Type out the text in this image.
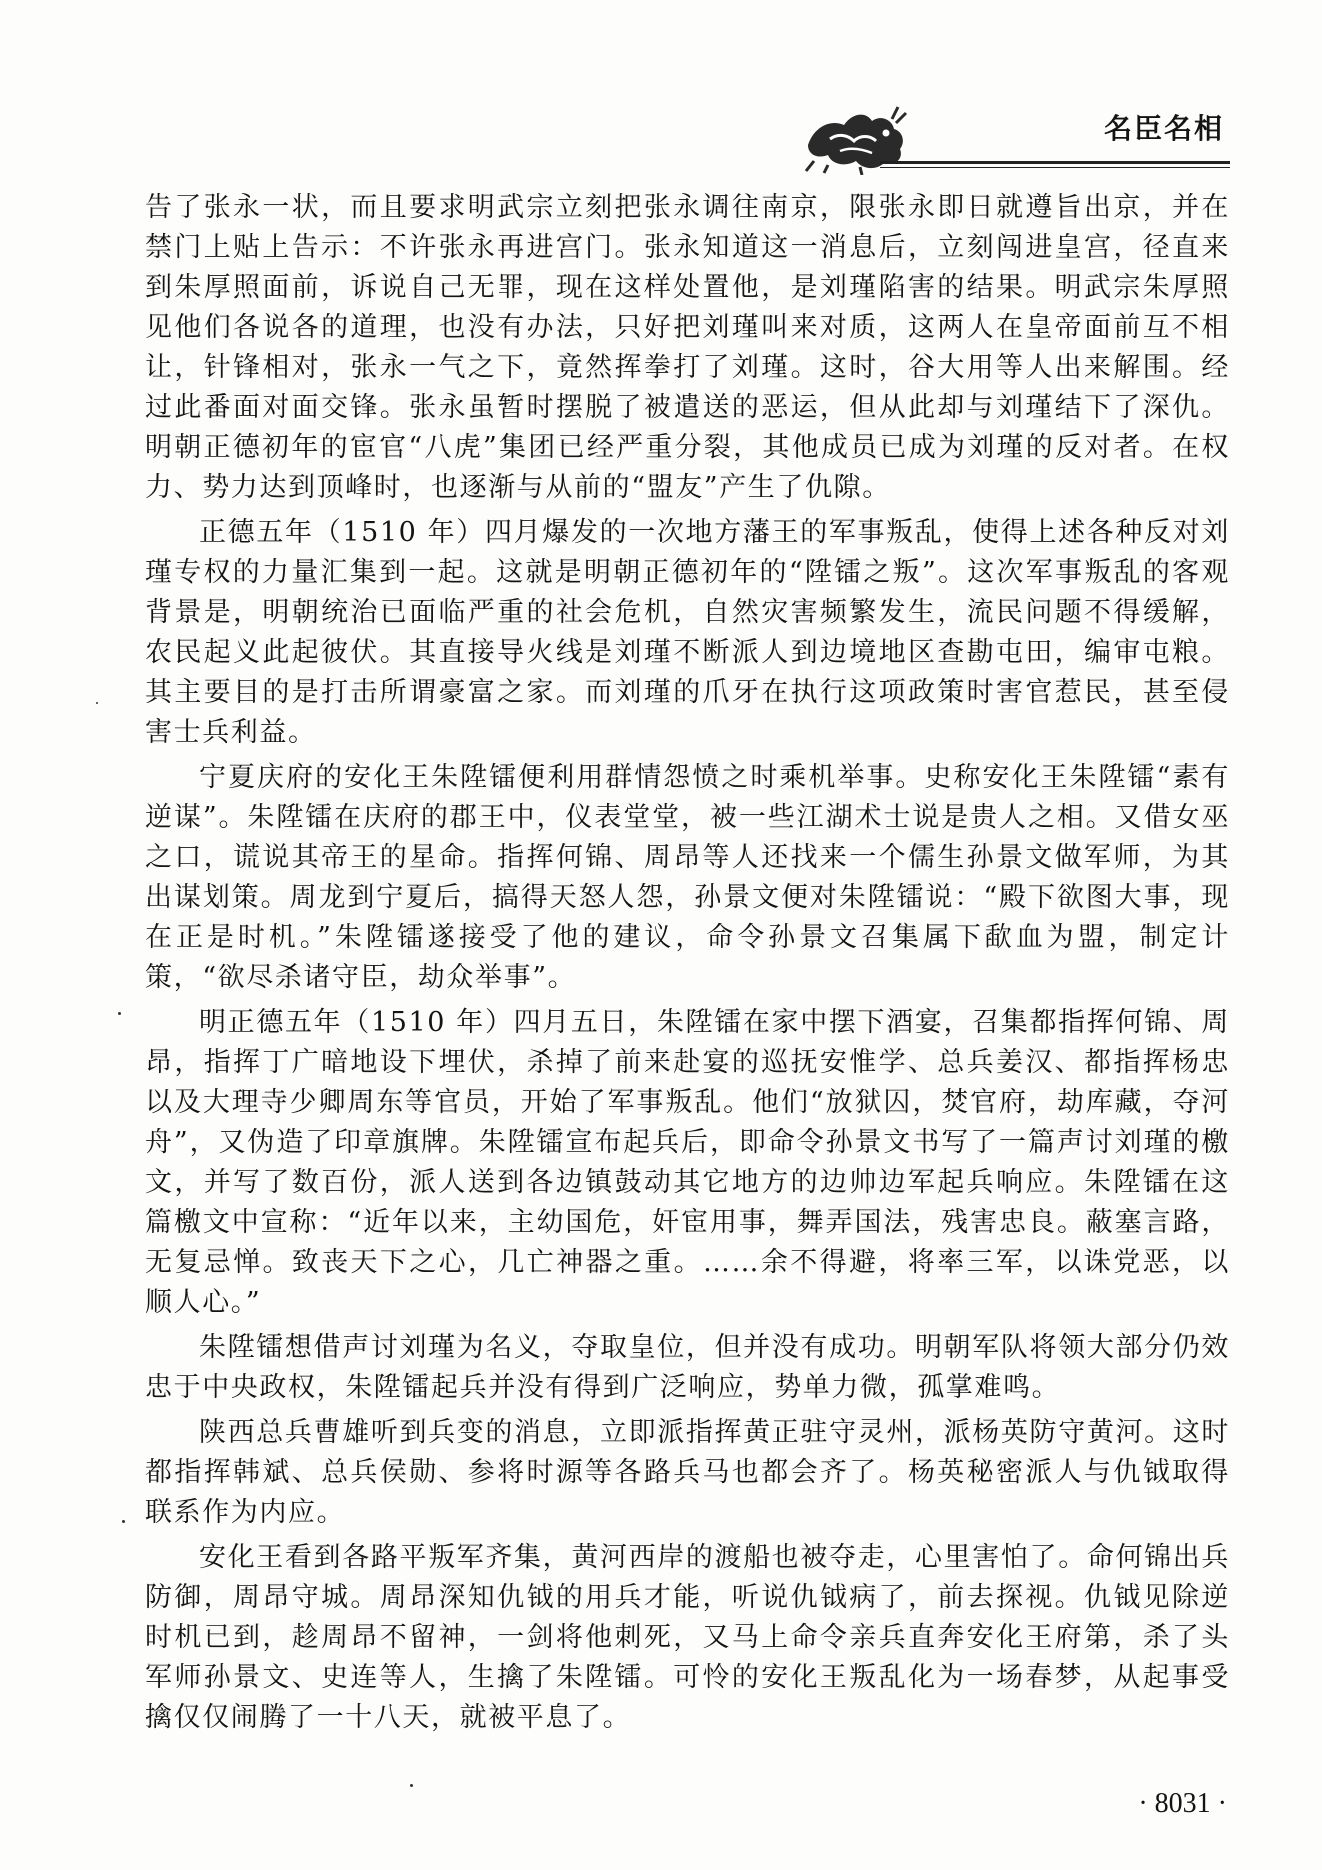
名臣名相

告了张永一状，而且要求明武宗立刻把张永调往南京，限张永即日就遵旨出京，并在禁门上贴上告示：不许张永再进宫门。张永知道这一消息后，立刻闯进皇宫，径直来到朱厚照面前，诉说自己无罪，现在这样处置他，是刘瑾陷害的结果。明武宗朱厚照见他们各说各的道理，也没有办法，只好把刘瑾叫来对质，这两人在皇帝面前互不相让，针锋相对，张永一气之下，竟然挥拳打了刘瑾。这时，谷大用等人出来解围。经过此番面对面交锋。张永虽暂时摆脱了被遣送的恶运，但从此却与刘瑾结下了深仇。明朝正德初年的宦官“八虎”集团已经严重分裂，其他成员已成为刘瑾的反对者。在权力、势力达到顶峰时，也逐渐与从前的“盟友”产生了仇隙。

正德五年（1510 年）四月爆发的一次地方藩王的军事叛乱，使得上述各种反对刘瑾专权的力量汇集到一起。这就是明朝正德初年的“陞镭之叛”。这次军事叛乱的客观背景是，明朝统治已面临严重的社会危机，自然灾害频繁发生，流民问题不得缓解，农民起义此起彼伏。其直接导火线是刘瑾不断派人到边境地区查勘屯田，编审屯粮。其主要目的是打击所谓豪富之家。而刘瑾的爪牙在执行这项政策时害官惹民，甚至侵害士兵利益。

宁夏庆府的安化王朱陞镭便利用群情怨愤之时乘机举事。史称安化王朱陞镭“素有逆谋”。朱陞镭在庆府的郡王中，仪表堂堂，被一些江湖术士说是贵人之相。又借女巫之口，谎说其帝王的星命。指挥何锦、周昂等人还找来一个儒生孙景文做军师，为其出谋划策。周龙到宁夏后，搞得天怒人怨，孙景文便对朱陞镭说：“殿下欲图大事，现在正是时机。”朱陞镭遂接受了他的建议，命令孙景文召集属下歃血为盟，制定计策，“欲尽杀诸守臣，劫众举事”。

明正德五年（1510 年）四月五日，朱陞镭在家中摆下酒宴，召集都指挥何锦、周昂，指挥丁广暗地设下埋伏，杀掉了前来赴宴的巡抚安惟学、总兵姜汉、都指挥杨忠以及大理寺少卿周东等官员，开始了军事叛乱。他们“放狱囚，焚官府，劫库藏，夺河舟”，又伪造了印章旗牌。朱陞镭宣布起兵后，即命令孙景文书写了一篇声讨刘瑾的檄文，并写了数百份，派人送到各边镇鼓动其它地方的边帅边军起兵响应。朱陞镭在这篇檄文中宣称：“近年以来，主幼国危，奸宦用事，舞弄国法，残害忠良。蔽塞言路，无复忌惮。致丧天下之心，几亡神器之重。……余不得避，将率三军，以诛党恶，以顺人心。”

朱陞镭想借声讨刘瑾为名义，夺取皇位，但并没有成功。明朝军队将领大部分仍效忠于中央政权，朱陞镭起兵并没有得到广泛响应，势单力微，孤掌难鸣。

陕西总兵曹雄听到兵变的消息，立即派指挥黄正驻守灵州，派杨英防守黄河。这时都指挥韩斌、总兵侯勋、参将时源等各路兵马也都会齐了。杨英秘密派人与仇钺取得联系作为内应。

安化王看到各路平叛军齐集，黄河西岸的渡船也被夺走，心里害怕了。命何锦出兵防御，周昂守城。周昂深知仇钺的用兵才能，听说仇钺病了，前去探视。仇钺见除逆时机已到，趁周昂不留神，一剑将他刺死，又马上命令亲兵直奔安化王府第，杀了头军师孙景文、史连等人，生擒了朱陞镭。可怜的安化王叛乱化为一场春梦，从起事受擒仅仅闹腾了一十八天，就被平息了。

· 8031 ·
